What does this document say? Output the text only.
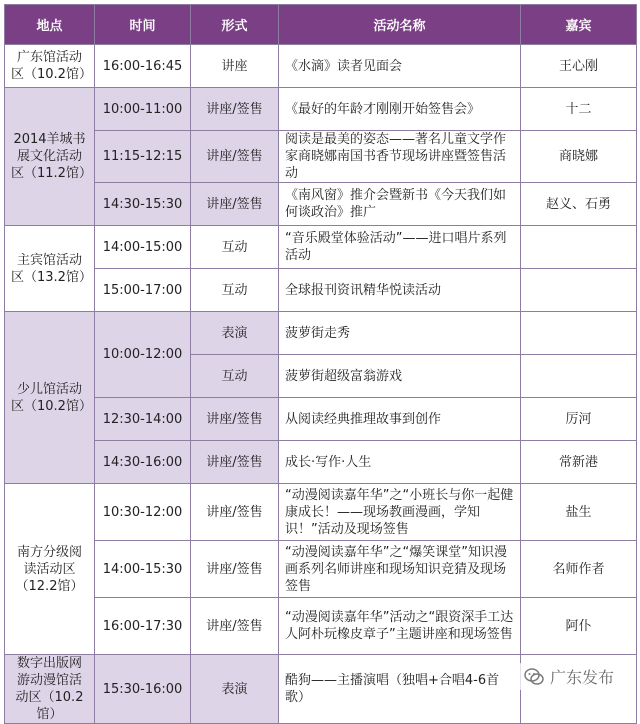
地点	时间	形式	活动名称	嘉宾
广东馆活动区（10.2馆）	16:00-16:45	讲座	《水滴》读者见面会	王心刚
2014羊城书展文化活动区（11.2馆）	10:00-11:00	讲座/签售	《最好的年龄才刚刚开始签售会》	十二
	11:15-12:15	讲座/签售	阅读是最美的姿态——著名儿童文学作家商晓娜南国书香节现场讲座暨签售活动	商晓娜
	14:30-15:30	讲座/签售	《南风窗》推介会暨新书《今天我们如何谈政治》推广	赵义、石勇
主宾馆活动区（13.2馆）	14:00-15:00	互动	“音乐殿堂体验活动”——进口唱片系列活动	
	15:00-17:00	互动	全球报刊资讯精华悦读活动	
少儿馆活动区（10.2馆）	10:00-12:00	表演	菠萝街走秀	
		互动	菠萝街超级富翁游戏	
	12:30-14:00	讲座/签售	从阅读经典推理故事到创作	厉河
	14:30-16:00	讲座/签售	成长·写作·人生	常新港
南方分级阅读活动区（12.2馆）	10:30-12:00	讲座/签售	“动漫阅读嘉年华”之“小班长与你一起健康成长！——现场教画漫画，学知识！”活动及现场签售	盐生
	14:00-15:30	讲座/签售	“动漫阅读嘉年华”之“爆笑课堂”知识漫画系列名师讲座和现场知识竞猜及现场签售	名师作者
	16:00-17:30	讲座/签售	“动漫阅读嘉年华”活动之“跟资深手工达人阿朴玩橡皮章子”主题讲座和现场签售	阿仆
数字出版网游动漫馆活动区（10.2馆）	15:30-16:00	表演	酷狗——主播演唱（独唱+合唱4-6首歌）	
广东发布
